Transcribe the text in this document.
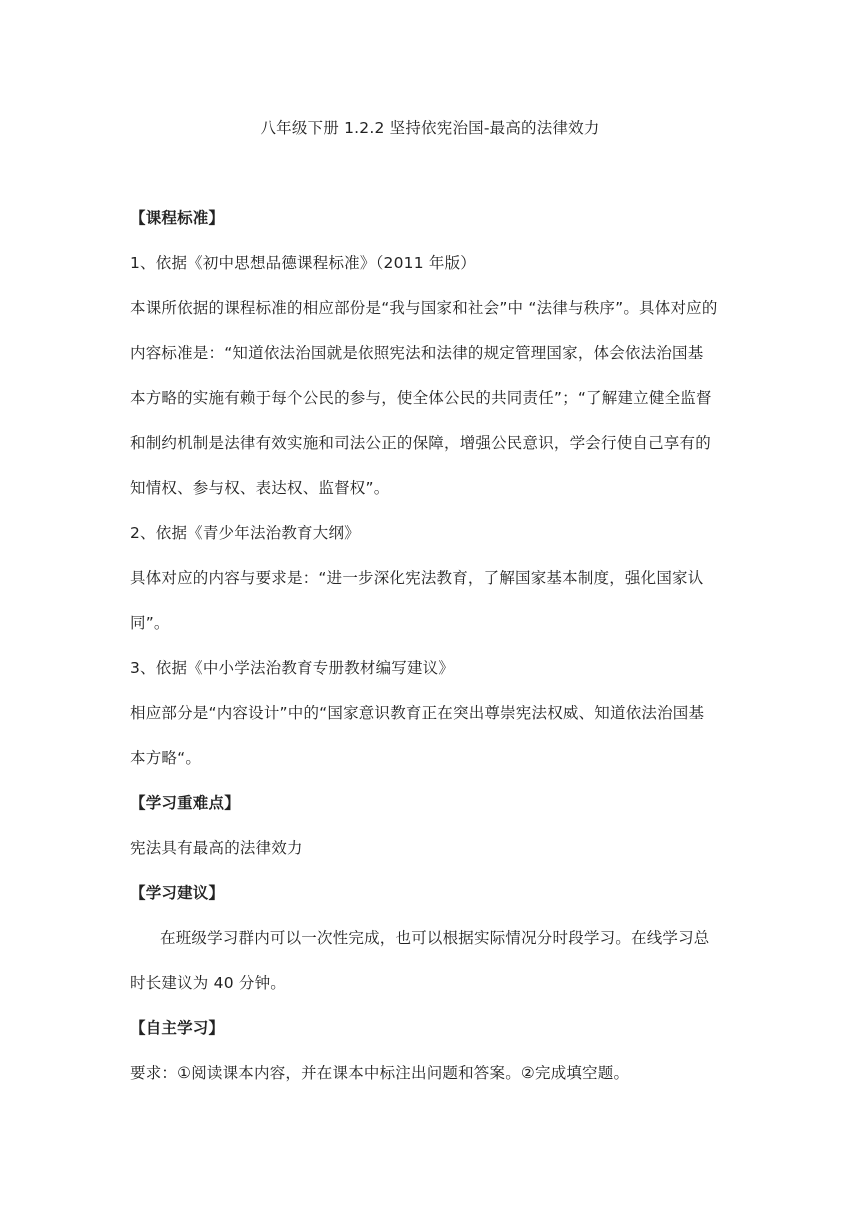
八年级下册 1.2.2 坚持依宪治国-最高的法律效力
【课程标准】
1、依据《初中思想品德课程标准》（2011 年版）
本课所依据的课程标准的相应部份是“我与国家和社会”中 “法律与秩序”。具体对应的
内容标准是：“知道依法治国就是依照宪法和法律的规定管理国家，体会依法治国基
本方略的实施有赖于每个公民的参与，使全体公民的共同责任”；“了解建立健全监督
和制约机制是法律有效实施和司法公正的保障，增强公民意识，学会行使自己享有的
知情权、参与权、表达权、监督权”。
2、依据《青少年法治教育大纲》
具体对应的内容与要求是：“进一步深化宪法教育，了解国家基本制度，强化国家认
同”。
3、依据《中小学法治教育专册教材编写建议》
相应部分是“内容设计”中的“国家意识教育正在突出尊崇宪法权威、知道依法治国基
本方略“。
【学习重难点】
宪法具有最高的法律效力
【学习建议】
在班级学习群内可以一次性完成，也可以根据实际情况分时段学习。在线学习总
时长建议为 40 分钟。
【自主学习】
要求：①阅读课本内容，并在课本中标注出问题和答案。②完成填空题。
